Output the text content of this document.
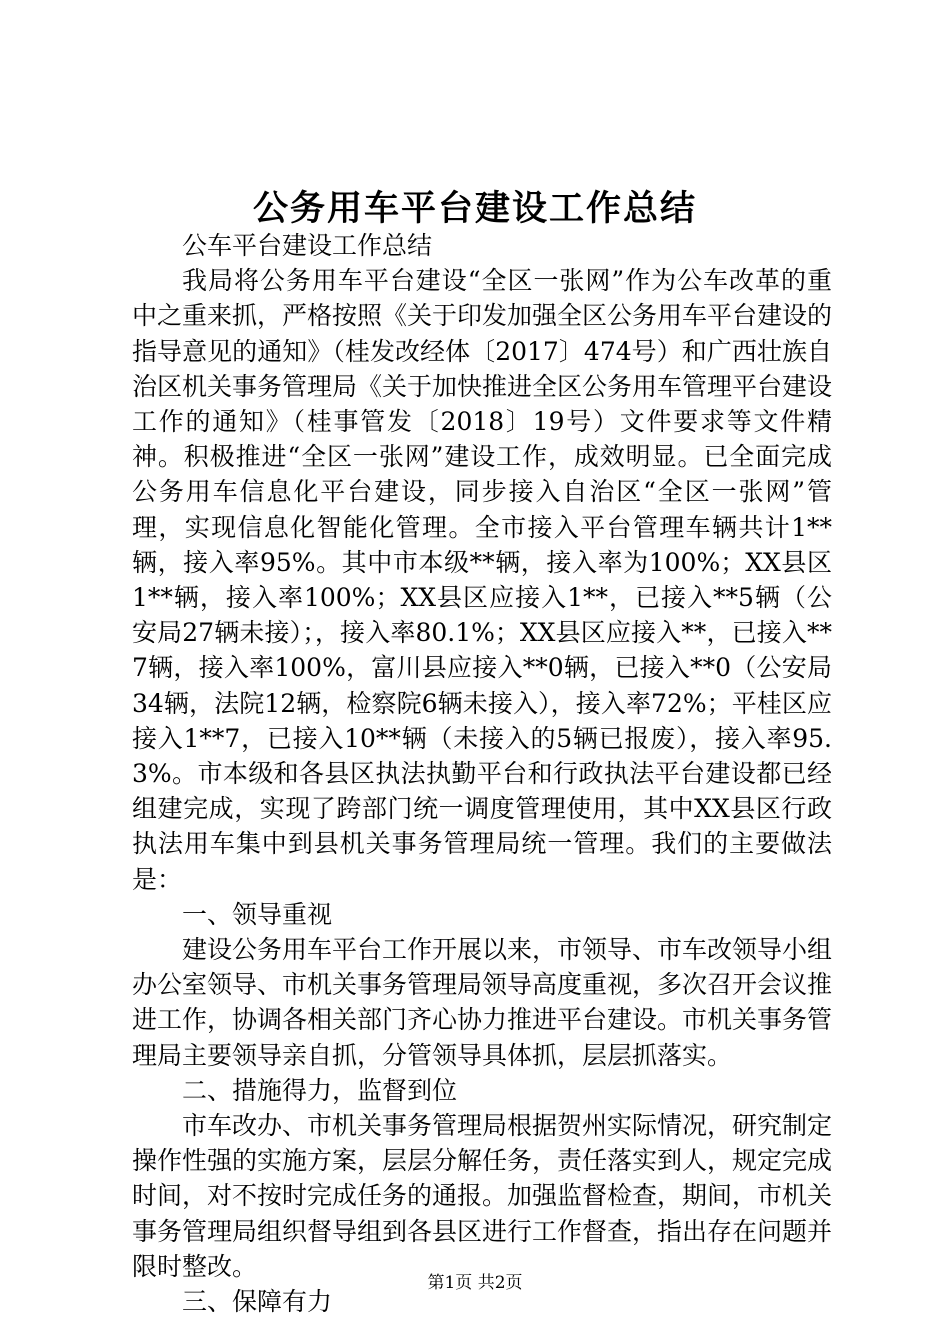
公务用车平台建设工作总结

公车平台建设工作总结

我局将公务用车平台建设“全区一张网”作为公车改革的重中之重来抓，严格按照《关于印发加强全区公务用车平台建设的指导意见的通知》（桂发改经体〔2017〕474号）和广西壮族自治区机关事务管理局《关于加快推进全区公务用车管理平台建设工作的通知》（桂事管发〔2018〕19号）文件要求等文件精神。积极推进“全区一张网”建设工作，成效明显。已全面完成公务用车信息化平台建设，同步接入自治区“全区一张网”管理，实现信息化智能化管理。全市接入平台管理车辆共计1**辆，接入率95%。其中市本级**辆，接入率为100%；XX县区1**辆，接入率100%；XX县区应接入1**，已接入**5辆（公安局27辆未接）；，接入率80.1%；XX县区应接入**，已接入**7辆，接入率100%，富川县应接入**0辆，已接入**0（公安局34辆，法院12辆，检察院6辆未接入），接入率72%；平桂区应接入1**7，已接入10**辆（未接入的5辆已报废），接入率95.3%。市本级和各县区执法执勤平台和行政执法平台建设都已经组建完成，实现了跨部门统一调度管理使用，其中XX县区行政执法用车集中到县机关事务管理局统一管理。我们的主要做法是：

一、领导重视

建设公务用车平台工作开展以来，市领导、市车改领导小组办公室领导、市机关事务管理局领导高度重视，多次召开会议推进工作，协调各相关部门齐心协力推进平台建设。市机关事务管理局主要领导亲自抓，分管领导具体抓，层层抓落实。

二、措施得力，监督到位

市车改办、市机关事务管理局根据贺州实际情况，研究制定操作性强的实施方案，层层分解任务，责任落实到人，规定完成时间，对不按时完成任务的通报。加强监督检查，期间，市机关事务管理局组织督导组到各县区进行工作督查，指出存在问题并限时整改。

三、保障有力

第1页 共2页
